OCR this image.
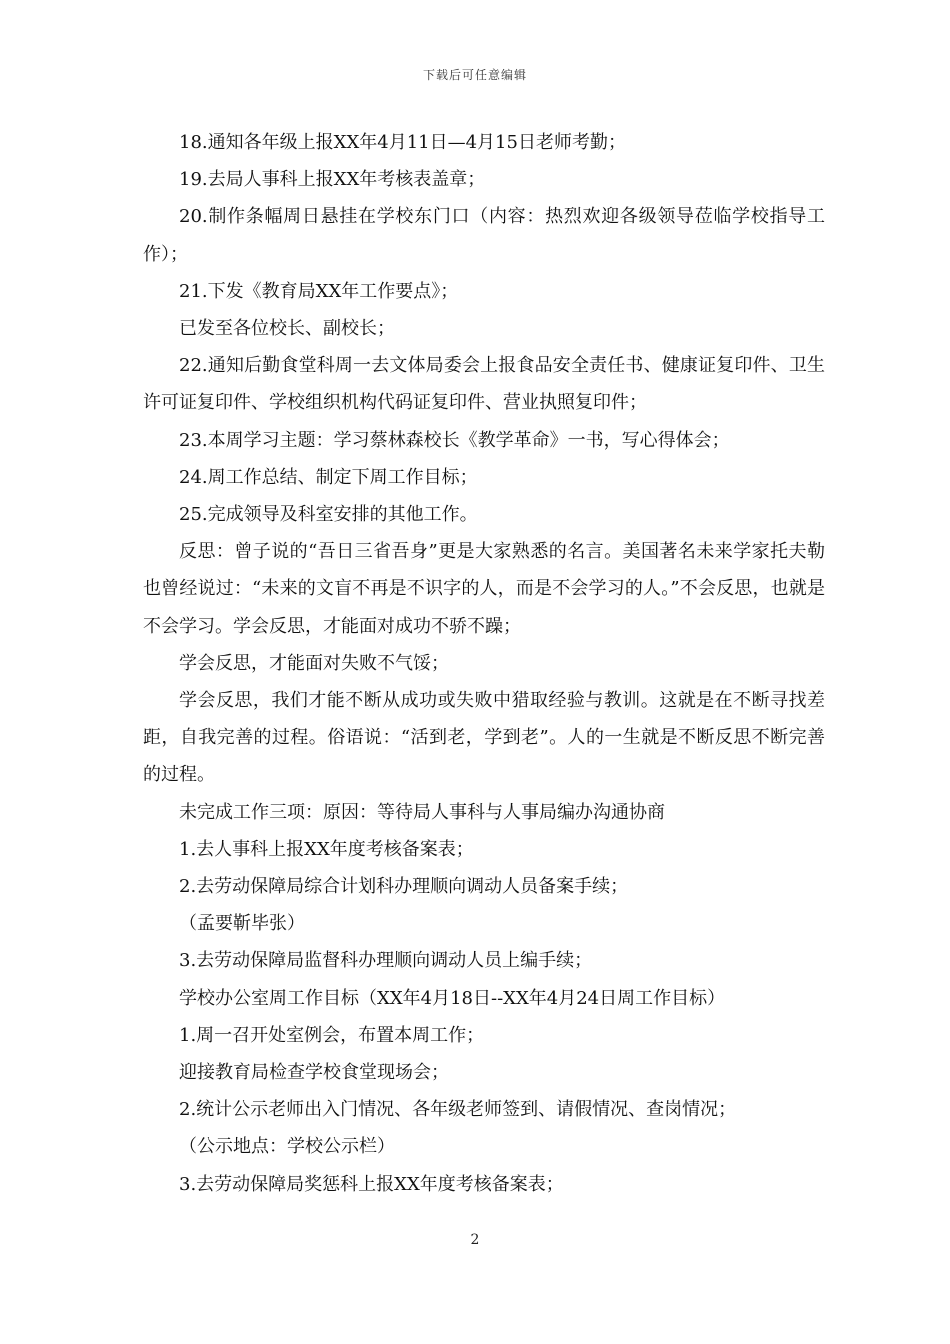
下载后可任意编辑

18.通知各年级上报XX年4月11日—4月15日老师考勤；

19.去局人事科上报XX年考核表盖章；

20.制作条幅周日悬挂在学校东门口（内容：热烈欢迎各级领导莅临学校指导工作）；

21.下发《教育局XX年工作要点》；

已发至各位校长、副校长；

22.通知后勤食堂科周一去文体局委会上报食品安全责任书、健康证复印件、卫生许可证复印件、学校组织机构代码证复印件、营业执照复印件；

23.本周学习主题：学习蔡林森校长《教学革命》一书，写心得体会；

24.周工作总结、制定下周工作目标；

25.完成领导及科室安排的其他工作。

反思：曾子说的“吾日三省吾身”更是大家熟悉的名言。美国著名未来学家托夫勒也曾经说过：“未来的文盲不再是不识字的人，而是不会学习的人。”不会反思，也就是不会学习。学会反思，才能面对成功不骄不躁；

学会反思，才能面对失败不气馁；

学会反思，我们才能不断从成功或失败中猎取经验与教训。这就是在不断寻找差距，自我完善的过程。俗语说：“活到老，学到老”。人的一生就是不断反思不断完善的过程。

未完成工作三项：原因：等待局人事科与人事局编办沟通协商

1.去人事科上报XX年度考核备案表；

2.去劳动保障局综合计划科办理顺向调动人员备案手续；

（孟要靳毕张）

3.去劳动保障局监督科办理顺向调动人员上编手续；

学校办公室周工作目标（XX年4月18日--XX年4月24日周工作目标）

1.周一召开处室例会，布置本周工作；

迎接教育局检查学校食堂现场会；

2.统计公示老师出入门情况、各年级老师签到、请假情况、查岗情况；

（公示地点：学校公示栏）

3.去劳动保障局奖惩科上报XX年度考核备案表；

2
